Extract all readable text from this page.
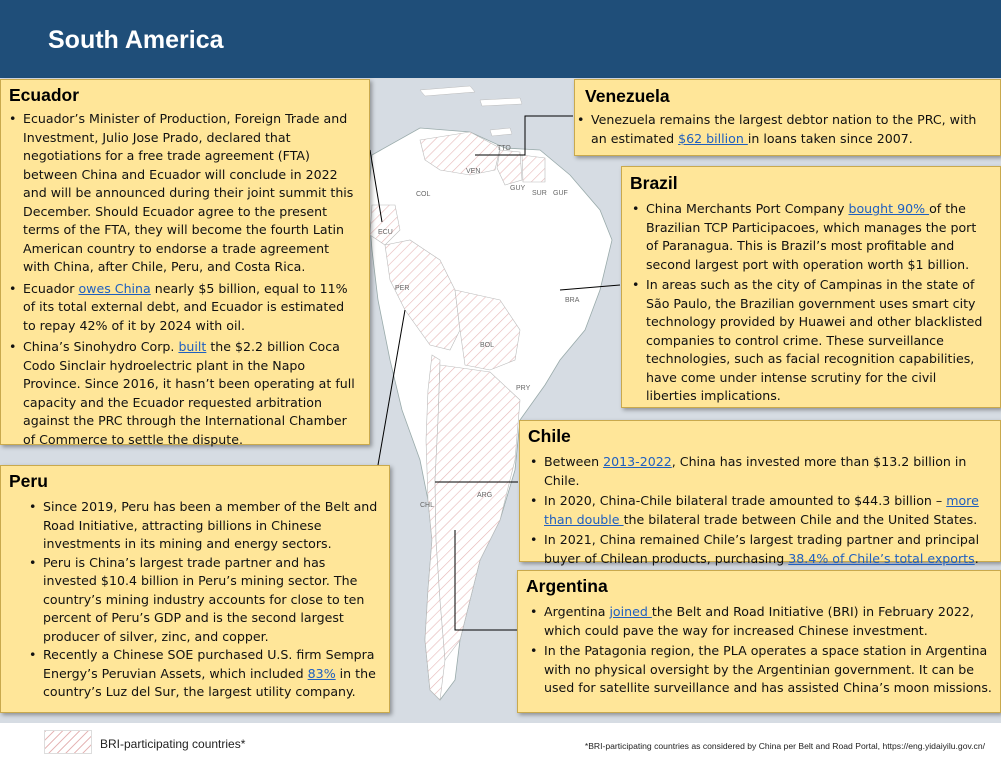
South America
COL
VEN
GUY
SUR GUF
TTO
ECU
PER
BRA
BOL
PRY
ARG
CHL
Ecuador
• Ecuador’s Minister of Production, Foreign Trade and Investment, Julio Jose Prado, declared that negotiations for a free trade agreement (FTA) between China and Ecuador will conclude in 2022 and will be announced during their joint summit this December. Should Ecuador agree to the present terms of the FTA, they will become the fourth Latin American country to endorse a trade agreement with China, after Chile, Peru, and Costa Rica.
• Ecuador owes China nearly $5 billion, equal to 11% of its total external debt, and Ecuador is estimated to repay 42% of it by 2024 with oil.
• China’s Sinohydro Corp. built the $2.2 billion Coca Codo Sinclair hydroelectric plant in the Napo Province. Since 2016, it hasn’t been operating at full capacity and the Ecuador requested arbitration against the PRC through the International Chamber of Commerce to settle the dispute.
Peru
• Since 2019, Peru has been a member of the Belt and Road Initiative, attracting billions in Chinese investments in its mining and energy sectors.
• Peru is China’s largest trade partner and has invested $10.4 billion in Peru’s mining sector. The country’s mining industry accounts for close to ten percent of Peru’s GDP and is the second largest producer of silver, zinc, and copper.
• Recently a Chinese SOE purchased U.S. firm Sempra Energy’s Peruvian Assets, which included 83% in the country’s Luz del Sur, the largest utility company.
Venezuela
• Venezuela remains the largest debtor nation to the PRC, with an estimated $62 billion in loans taken since 2007.
Brazil
• China Merchants Port Company bought 90% of the Brazilian TCP Participacoes, which manages the port of Paranagua. This is Brazil’s most profitable and second largest port with operation worth $1 billion.
• In areas such as the city of Campinas in the state of São Paulo, the Brazilian government uses smart city technology provided by Huawei and other blacklisted companies to control crime. These surveillance technologies, such as facial recognition capabilities, have come under intense scrutiny for the civil liberties implications.
Chile
• Between 2013-2022, China has invested more than $13.2 billion in Chile.
• In 2020, China-Chile bilateral trade amounted to $44.3 billion – more than double the bilateral trade between Chile and the United States.
• In 2021, China remained Chile’s largest trading partner and principal buyer of Chilean products, purchasing 38.4% of Chile’s total exports.
Argentina
• Argentina joined the Belt and Road Initiative (BRI) in February 2022, which could pave the way for increased Chinese investment.
• In the Patagonia region, the PLA operates a space station in Argentina with no physical oversight by the Argentinian government. It can be used for satellite surveillance and has assisted China’s moon missions.
BRI-participating countries*	*BRI-participating countries as considered by China per Belt and Road Portal, https://eng.yidaiyilu.gov.cn/
